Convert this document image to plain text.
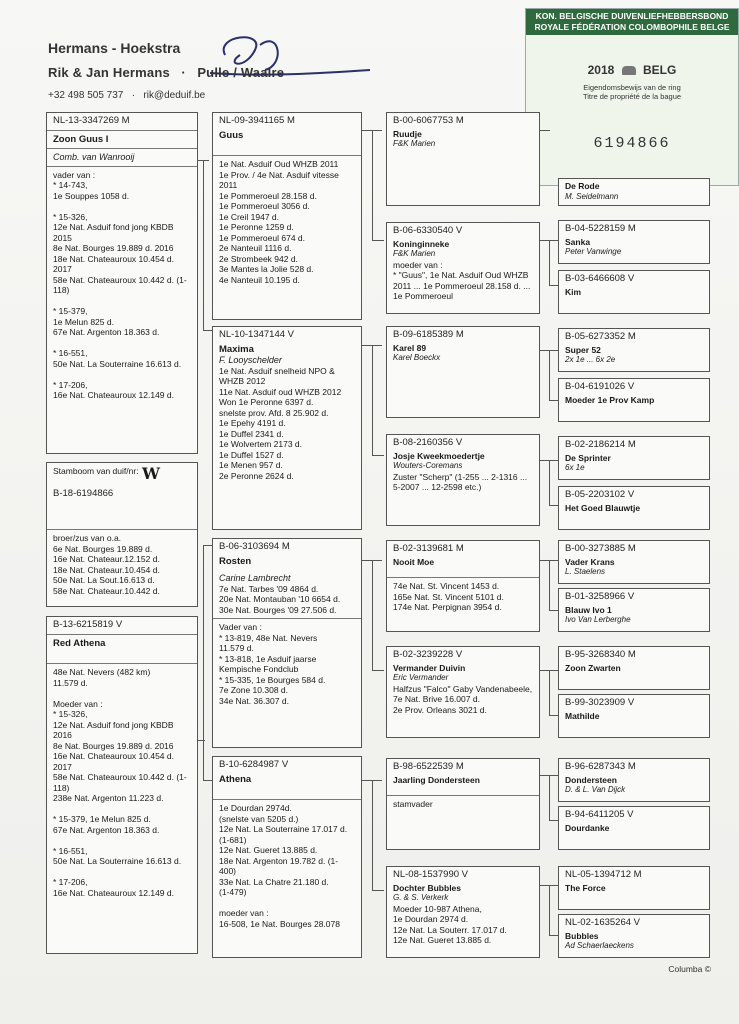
Hermans - Hoekstra
Rik & Jan Hermans · Pulle / Waalre
+32 498 505 737 · rik@deduif.be
KON. BELGISCHE DUIVENLIEFHEBBERSBOND
ROYALE FÉDÉRATION COLOMBOPHILE BELGE
2018 BELG
Eigendomsbewijs van de ring
Titre de propriété de la bague
6194866
NL-13-3347269 M
Zoon Guus I
Comb. van Wanrooij
vader van :
* 14-743,
1e Souppes 1058 d.

* 15-326,
12e Nat. Asduif fond jong KBDB 2015
8e Nat. Bourges 19.889 d. 2016
18e Nat. Chateauroux 10.454 d. 2017
58e Nat. Chateauroux 10.442 d. (1-118)

* 15-379,
1e Melun 825 d.
67e Nat. Argenton 18.363 d.

* 16-551,
50e Nat. La Souterraine 16.613 d.

* 17-206,
16e Nat. Chateauroux 12.149 d.
Stamboom van duif/nr: W
B-18-6194866
broer/zus van o.a.
6e Nat. Bourges 19.889 d.
16e Nat. Chateaur.12.152 d.
18e Nat. Chateaur.10.454 d.
50e Nat. La Sout.16.613 d.
58e Nat. Chateaur.10.442 d.
B-13-6215819 V
Red Athena
48e Nat. Nevers (482 km)
11.579 d.

Moeder van :
* 15-326,
12e Nat. Asduif fond jong KBDB 2016
8e Nat. Bourges 19.889 d. 2016
16e Nat. Chateauroux 10.454 d. 2017
58e Nat. Chateauroux 10.442 d. (1-118)
238e Nat. Argenton 11.223 d.

* 15-379, 1e Melun 825 d.
67e Nat. Argenton 18.363 d.

* 16-551,
50e Nat. La Souterraine 16.613 d.

* 17-206,
16e Nat. Chateauroux 12.149 d.
NL-09-3941165 M
Guus
1e Nat. Asduif Oud WHZB 2011
1e Prov. / 4e Nat. Asduif vitesse 2011
1e Pommeroeul 28.158 d.
1e Pommeroeul 3056 d.
1e Creil 1947 d.
1e Peronne 1259 d.
1e Pommeroeul 674 d.
2e Nanteuil 1116 d.
2e Strombeek 942 d.
3e Mantes la Jolie 528 d.
4e Nanteuil 10.195 d.
NL-10-1347144 V
Maxima
F. Looyschelder
1e Nat. Asduif snelheid NPO & WHZB 2012
11e Nat. Asduif oud WHZB 2012
Won 1e Peronne 6397 d.
snelste prov. Afd. 8 25.902 d.
1e Epehy 4191 d.
1e Duffel 2341 d.
1e Wolvertem 2173 d.
1e Duffel 1527 d.
1e Menen 957 d.
2e Peronne 2624 d.
B-06-3103694 M
Rosten
Carine Lambrecht
7e Nat. Tarbes '09 4864 d.
20e Nat. Montauban '10 6654 d.
30e Nat. Bourges '09 27.506 d.
Vader van :
* 13-819, 48e Nat. Nevers
11.579 d.
* 13-818, 1e Asduif jaarse
Kempische Fondclub
* 15-335, 1e Bourges 584 d.
7e Zone 10.308 d.
34e Nat. 36.307 d.
B-10-6284987 V
Athena
1e Dourdan 2974d.
(snelste van 5205 d.)
12e Nat. La Souterraine 17.017 d. (1-681)
12e Nat. Gueret 13.885 d.
18e Nat. Argenton 19.782 d. (1-400)
33e Nat. La Chatre 21.180 d.
(1-479)

moeder van :
16-508, 1e Nat. Bourges 28.078
B-00-6067753 M
Ruudje
F&K Marien
B-06-6330540 V
Koninginneke
F&K Marien
moeder van :
* "Guus", 1e Nat. Asduif Oud WHZB 2011 ... 1e Pommeroeul 28.158 d. ... 1e Pommeroeul
B-09-6185389 M
Karel 89
Karel Boeckx
B-08-2160356 V
Josje Kweekmoedertje
Wouters-Coremans
Zuster "Scherp" (1-255 ... 2-1316 ... 5-2007 ... 12-2598 etc.)
B-02-3139681 M
Nooit Moe
74e Nat. St. Vincent 1453 d.
165e Nat. St. Vincent 5101 d.
174e Nat. Perpignan 3954 d.
B-02-3239228 V
Vermander Duivin
Eric Vermander
Halfzus "Falco" Gaby Vandenabeele,
7e Nat. Brive 16.007 d.
2e Prov. Orleans 3021 d.
B-98-6522539 M
Jaarling Dondersteen
stamvader
NL-08-1537990 V
Dochter Bubbles
G. & S. Verkerk
Moeder 10-987 Athena,
1e Dourdan 2974 d.
12e Nat. La Souterr. 17.017 d.
12e Nat. Gueret 13.885 d.
De Rode
M. Seidelmann
B-04-5228159 M
Sanka
Peter Vanwinge
B-03-6466608 V
Kim
B-05-6273352 M
Super 52
2x 1e ... 6x 2e
B-04-6191026 V
Moeder 1e Prov Kamp
B-02-2186214 M
De Sprinter
6x 1e
B-05-2203102 V
Het Goed Blauwtje
B-00-3273885 M
Vader Krans
L. Staelens
B-01-3258966 V
Blauw Ivo 1
Ivo Van Lerberghe
B-95-3268340 M
Zoon Zwarten
B-99-3023909 V
Mathilde
B-96-6287343 M
Dondersteen
D. & L. Van Dijck
B-94-6411205 V
Dourdanke
NL-05-1394712 M
The Force
NL-02-1635264 V
Bubbles
Ad Schaerlaeckens
Columba ©
